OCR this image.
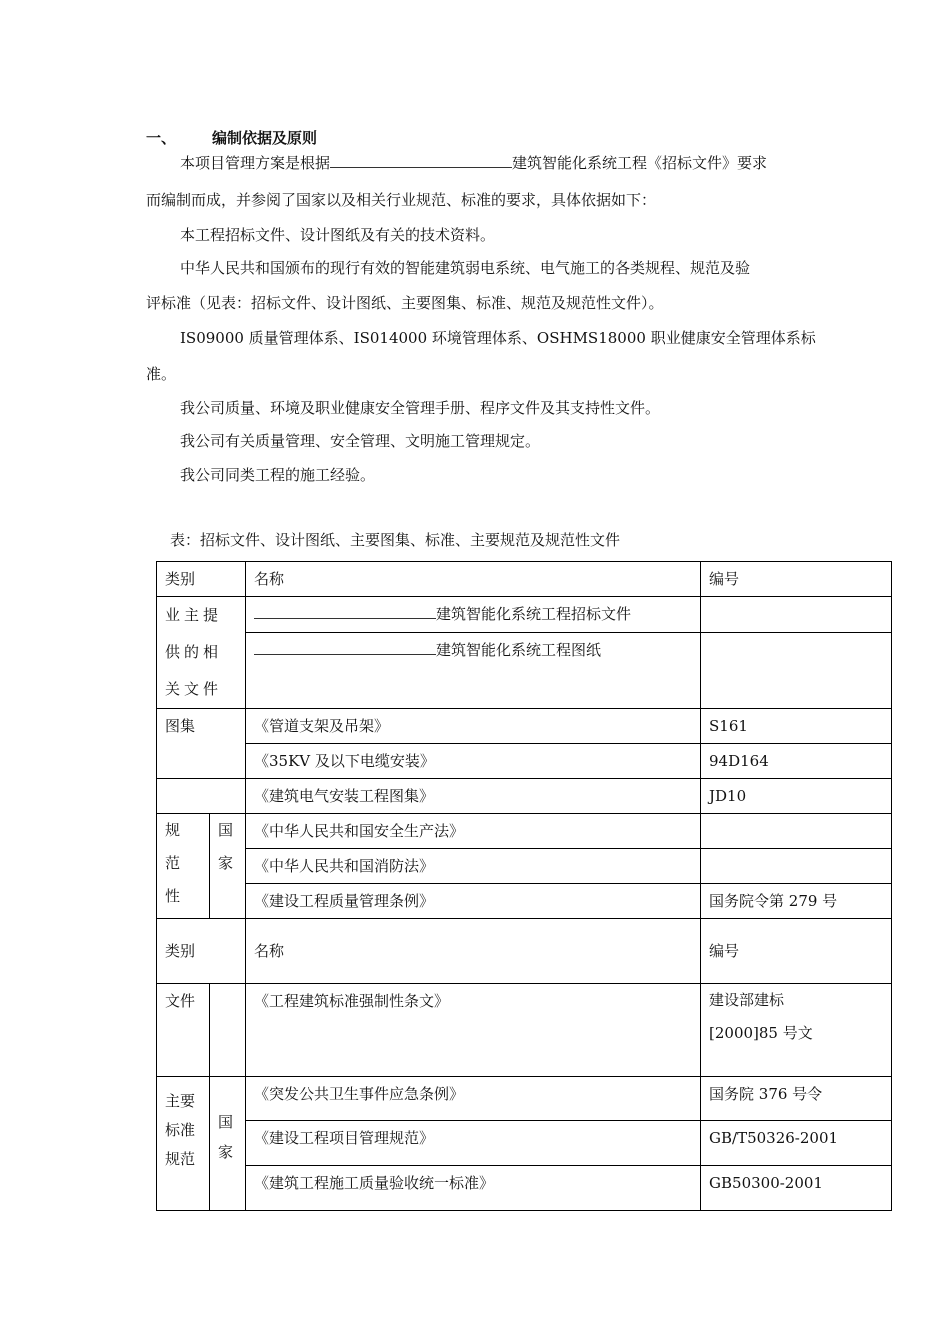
一、 编制依据及原则
本项目管理方案是根据	建筑智能化系统工程《招标文件》要求
而编制而成，并参阅了国家以及相关行业规范、标准的要求，具体依据如下：
本工程招标文件、设计图纸及有关的技术资料。
中华人民共和国颁布的现行有效的智能建筑弱电系统、电气施工的各类规程、规范及验
评标准（见表：招标文件、设计图纸、主要图集、标准、规范及规范性文件）。
IS09000 质量管理体系、IS014000 环境管理体系、OSHMS18000 职业健康安全管理体系标
准。
我公司质量、环境及职业健康安全管理手册、程序文件及其支持性文件。
我公司有关质量管理、安全管理、文明施工管理规定。
我公司同类工程的施工经验。
表：招标文件、设计图纸、主要图集、标准、主要规范及规范性文件
类别		名称	编号
业主提供的相关文件		建筑智能化系统工程招标文件	
		建筑智能化系统工程图纸	
图集		《管道支架及吊架》	S161
		《35KV 及以下电缆安装》	94D164
		《建筑电气安装工程图集》	JD10
规范性	国家	《中华人民共和国安全生产法》	
		《中华人民共和国消防法》	
		《建设工程质量管理条例》	国务院令第 279 号
类别		名称	编号
文件		《工程建筑标准强制性条文》	建设部建标
[2000]85 号文

主要标准规范	国家	《突发公共卫生事件应急条例》	国务院 376 号令
		《建设工程项目管理规范》	GB/T50326-2001
		《建筑工程施工质量验收统一标准》	GB50300-2001
